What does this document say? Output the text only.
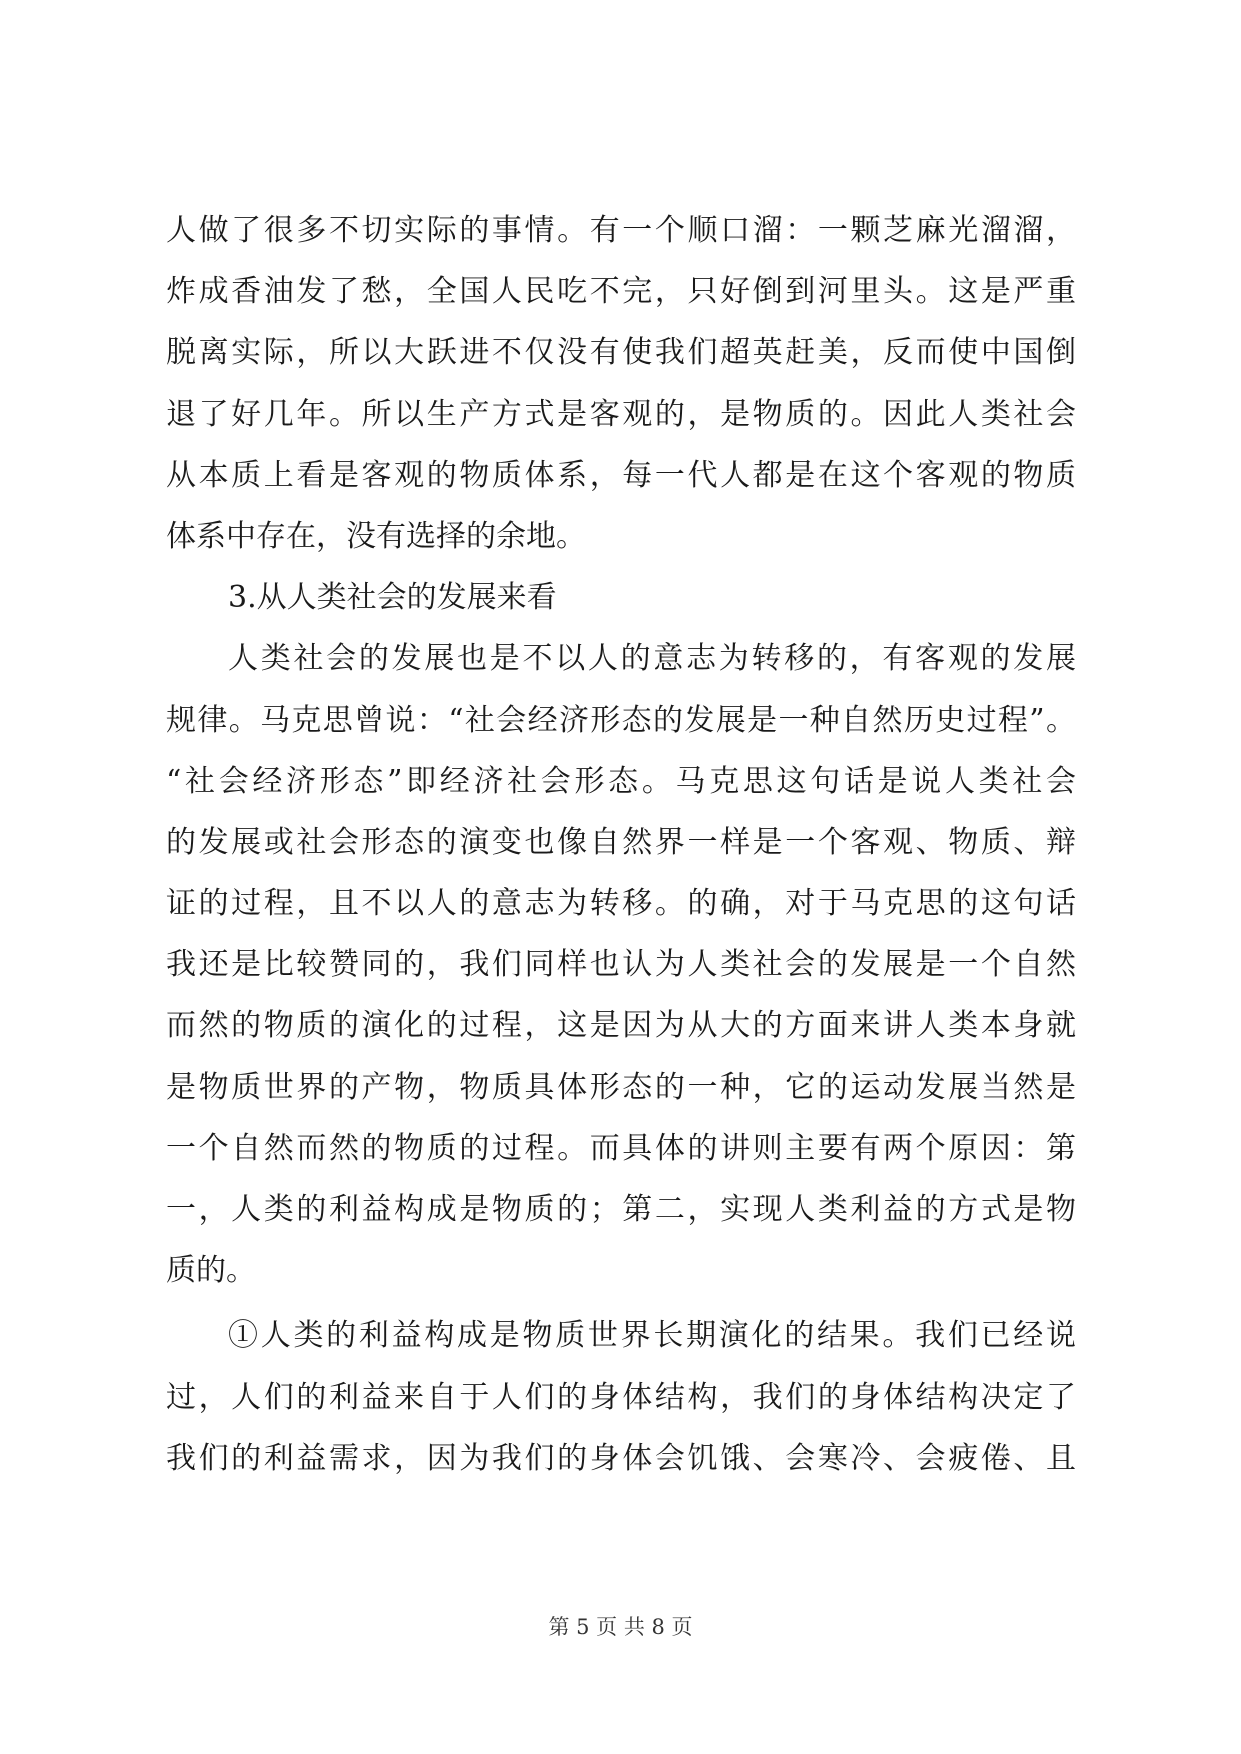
人做了很多不切实际的事情。有一个顺口溜：一颗芝麻光溜溜，
炸成香油发了愁，全国人民吃不完，只好倒到河里头。这是严重
脱离实际，所以大跃进不仅没有使我们超英赶美，反而使中国倒
退了好几年。所以生产方式是客观的，是物质的。因此人类社会
从本质上看是客观的物质体系，每一代人都是在这个客观的物质
体系中存在，没有选择的余地。
3.从人类社会的发展来看
人类社会的发展也是不以人的意志为转移的，有客观的发展
规律。马克思曾说：“社会经济形态的发展是一种自然历史过程”。
“社会经济形态”即经济社会形态。马克思这句话是说人类社会
的发展或社会形态的演变也像自然界一样是一个客观、物质、辩
证的过程，且不以人的意志为转移。的确，对于马克思的这句话
我还是比较赞同的，我们同样也认为人类社会的发展是一个自然
而然的物质的演化的过程，这是因为从大的方面来讲人类本身就
是物质世界的产物，物质具体形态的一种，它的运动发展当然是
一个自然而然的物质的过程。而具体的讲则主要有两个原因：第
一，人类的利益构成是物质的；第二，实现人类利益的方式是物
质的。
①人类的利益构成是物质世界长期演化的结果。我们已经说
过，人们的利益来自于人们的身体结构，我们的身体结构决定了
我们的利益需求，因为我们的身体会饥饿、会寒冷、会疲倦、且
第 5 页 共 8 页
